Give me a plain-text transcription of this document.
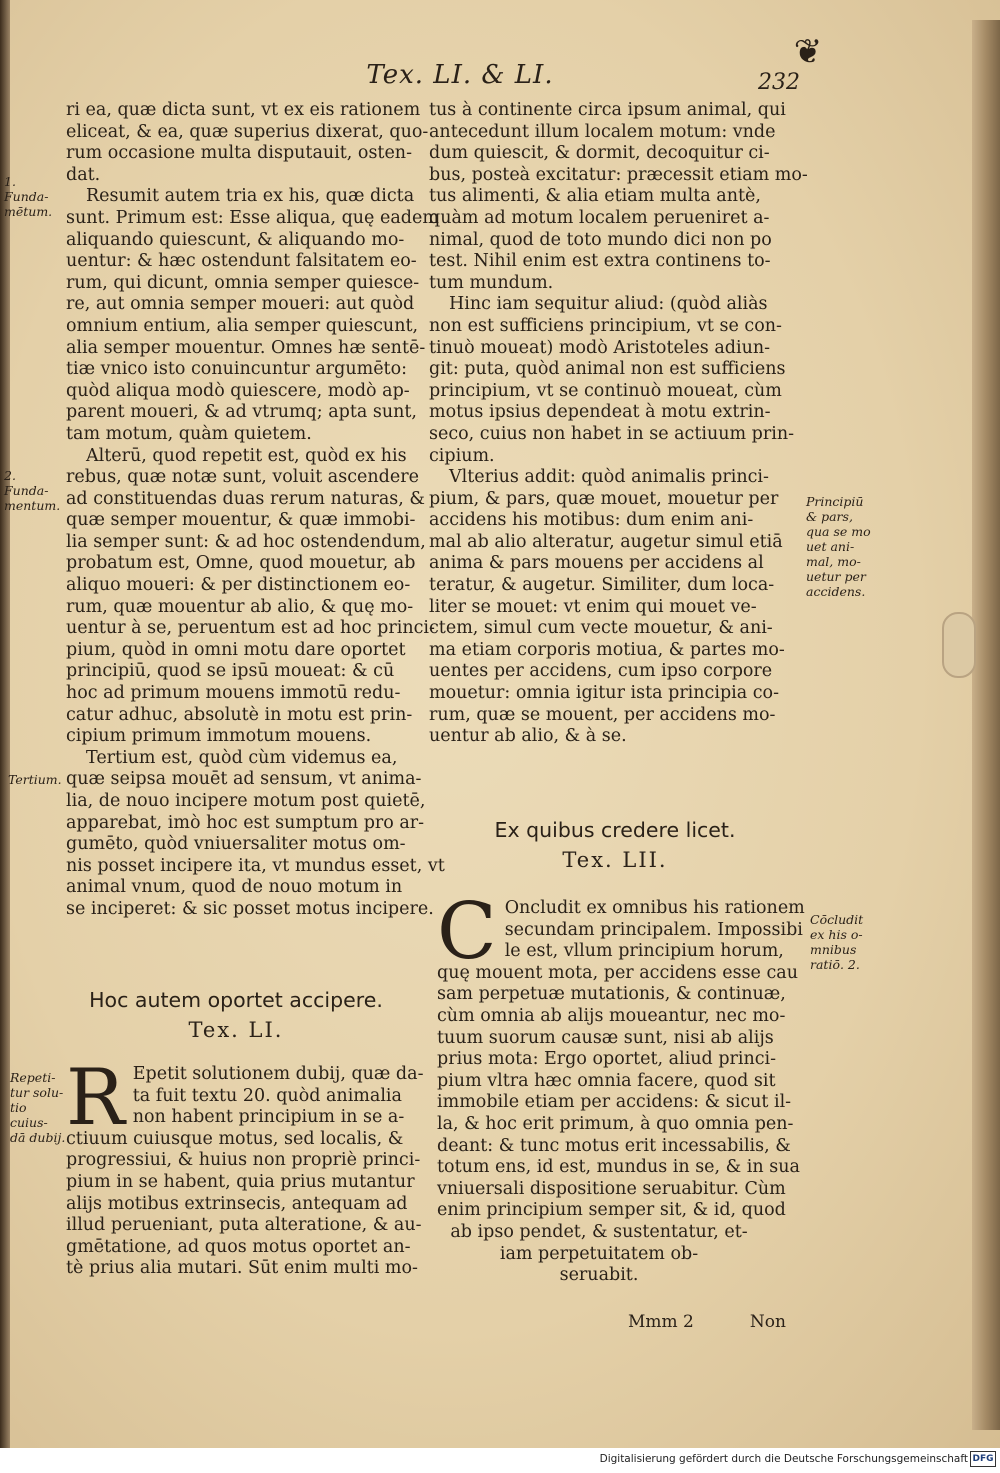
❦
Tex. LI. & LI.	232
ri ea, quæ dicta sunt, vt ex eis rationem
eliceat, & ea, quæ superius dixerat, quo-
rum occasione multa disputauit, osten-
dat.
Resumit autem tria ex his, quæ dicta
sunt. Primum est: Esse aliqua, quę eadem
aliquando quiescunt, & aliquando mo-
uentur: & hæc ostendunt falsitatem eo-
rum, qui dicunt, omnia semper quiesce-
re, aut omnia semper moueri: aut quòd
omnium entium, alia semper quiescunt,
alia semper mouentur. Omnes hæ sentē-
tiæ vnico isto conuincuntur argumēto:
quòd aliqua modò quiescere, modò ap-
parent moueri, & ad vtrumq; apta sunt,
tam motum, quàm quietem.
Alterū, quod repetit est, quòd ex his
rebus, quæ notæ sunt, voluit ascendere
ad constituendas duas rerum naturas, &
quæ semper mouentur, & quæ immobi-
lia semper sunt: & ad hoc ostendendum,
probatum est, Omne, quod mouetur, ab
aliquo moueri: & per distinctionem eo-
rum, quæ mouentur ab alio, & quę mo-
uentur à se, peruentum est ad hoc princi-
pium, quòd in omni motu dare oportet
principiū, quod se ipsū moueat: & cū
hoc ad primum mouens immotū redu-
catur adhuc, absolutè in motu est prin-
cipium primum immotum mouens.
Tertium est, quòd cùm videmus ea,
quæ seipsa mouēt ad sensum, vt anima-
lia, de nouo incipere motum post quietē,
apparebat, imò hoc est sumptum pro ar-
gumēto, quòd vniuersaliter motus om-
nis posset incipere ita, vt mundus esset, vt
animal vnum, quod de nouo motum in
se inciperet: & sic posset motus incipere.
Hoc autem oportet accipere.
Tex. LI.
R Epetit solutionem dubij, quæ da-
ta fuit textu 20. quòd animalia
non habent principium in se a-
ctiuum cuiusque motus, sed localis, &
progressiui, & huius non propriè princi-
pium in se habent, quia prius mutantur
alijs motibus extrinsecis, antequam ad
illud perueniant, puta alteratione, & au-
gmētatione, ad quos motus oportet an-
tè prius alia mutari. Sūt enim multi mo-
tus à continente circa ipsum animal, qui
antecedunt illum localem motum: vnde
dum quiescit, & dormit, decoquitur ci-
bus, posteà excitatur: præcessit etiam mo-
tus alimenti, & alia etiam multa antè,
quàm ad motum localem perueniret a-
nimal, quod de toto mundo dici non po
test. Nihil enim est extra continens to-
tum mundum.
Hinc iam sequitur aliud: (quòd aliàs
non est sufficiens principium, vt se con-
tinuò moueat) modò Aristoteles adiun-
git: puta, quòd animal non est sufficiens
principium, vt se continuò moueat, cùm
motus ipsius dependeat à motu extrin-
seco, cuius non habet in se actiuum prin-
cipium.
Vlterius addit: quòd animalis princi-
pium, & pars, quæ mouet, mouetur per
accidens his motibus: dum enim ani-
mal ab alio alteratur, augetur simul etiā
anima & pars mouens per accidens al
teratur, & augetur. Similiter, dum loca-
liter se mouet: vt enim qui mouet ve-
ctem, simul cum vecte mouetur, & ani-
ma etiam corporis motiua, & partes mo-
uentes per accidens, cum ipso corpore
mouetur: omnia igitur ista principia co-
rum, quæ se mouent, per accidens mo-
uentur ab alio, & à se.
Ex quibus credere licet.
Tex. LII.
C Oncludit ex omnibus his rationem
secundam principalem. Impossibi
le est, vllum principium horum,
quę mouent mota, per accidens esse cau
sam perpetuæ mutationis, & continuæ,
cùm omnia ab alijs moueantur, nec mo-
tuum suorum causæ sunt, nisi ab alijs
prius mota: Ergo oportet, aliud princi-
pium vltra hæc omnia facere, quod sit
immobile etiam per accidens: & sicut il-
la, & hoc erit primum, à quo omnia pen-
deant: & tunc motus erit incessabilis, &
totum ens, id est, mundus in se, & in sua
vniuersali dispositione seruabitur. Cùm
enim principium semper sit, & id, quod
ab ipso pendet, & sustentatur, et-
iam perpetuitatem ob-
seruabit.
Mmm 2	Non
1. Funda-
mētum.
2. Funda-
mentum.
Tertium.
Repeti-
tur solu-
tio cuius-
dā dubij.
Principiū
& pars,
qua se mo
uet ani-
mal, mo-
uetur per
accidens.
Cōcludit
ex his o-
mnibus
ratiō. 2.
Digitalisierung gefördert durch die Deutsche Forschungsgemeinschaft DFG
